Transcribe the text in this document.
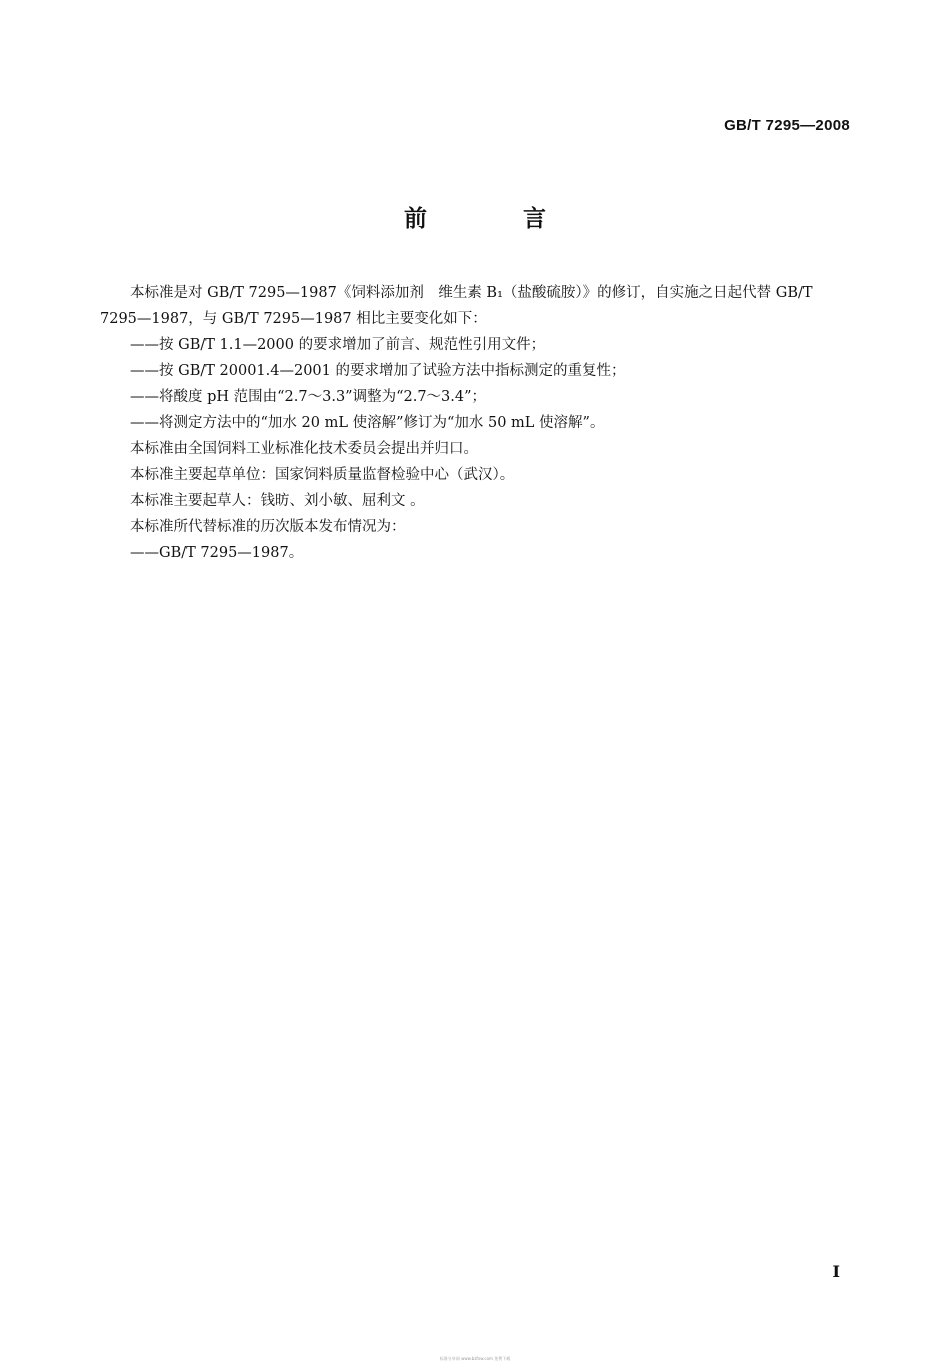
GB/T 7295—2008
前 言

本标准是对 GB/T 7295—1987《饲料添加剂　维生素 B₁（盐酸硫胺）》的修订，自实施之日起代替 GB/T 7295—1987，与 GB/T 7295—1987 相比主要变化如下：

——按 GB/T 1.1—2000 的要求增加了前言、规范性引用文件；

——按 GB/T 20001.4—2001 的要求增加了试验方法中指标测定的重复性；

——将酸度 pH 范围由“2.7～3.3”调整为“2.7～3.4”；

——将测定方法中的“加水 20 mL 使溶解”修订为“加水 50 mL 使溶解”。

本标准由全国饲料工业标准化技术委员会提出并归口。

本标准主要起草单位：国家饲料质量监督检验中心（武汉）。

本标准主要起草人：钱昉、刘小敏、屈利文 。

本标准所代替标准的历次版本发布情况为：

——GB/T 7295—1987。

I
标准分享网 www.bzfxw.com 免费下载
